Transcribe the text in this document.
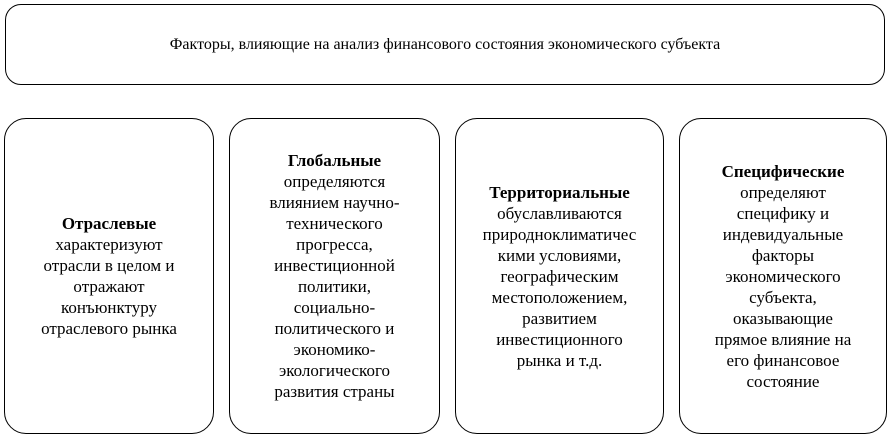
Факторы, влияющие на анализ финансового состояния экономического субъекта
Отраслевые
характеризуют
отрасли в целом и
отражают
конъюнктуру
отраслевого рынка
Глобальные
определяются
влиянием научно-
технического
прогресса,
инвестиционной
политики,
социально-
политического и
экономико-
экологического
развития страны
Территориальные
обуславливаются
природноклиматичес
кими условиями,
географическим
местоположением,
развитием
инвестиционного
рынка и т.д.
Специфические
определяют
специфику и
индевидуальные
факторы
экономического
субъекта,
оказывающие
прямое влияние на
его финансовое
состояние
